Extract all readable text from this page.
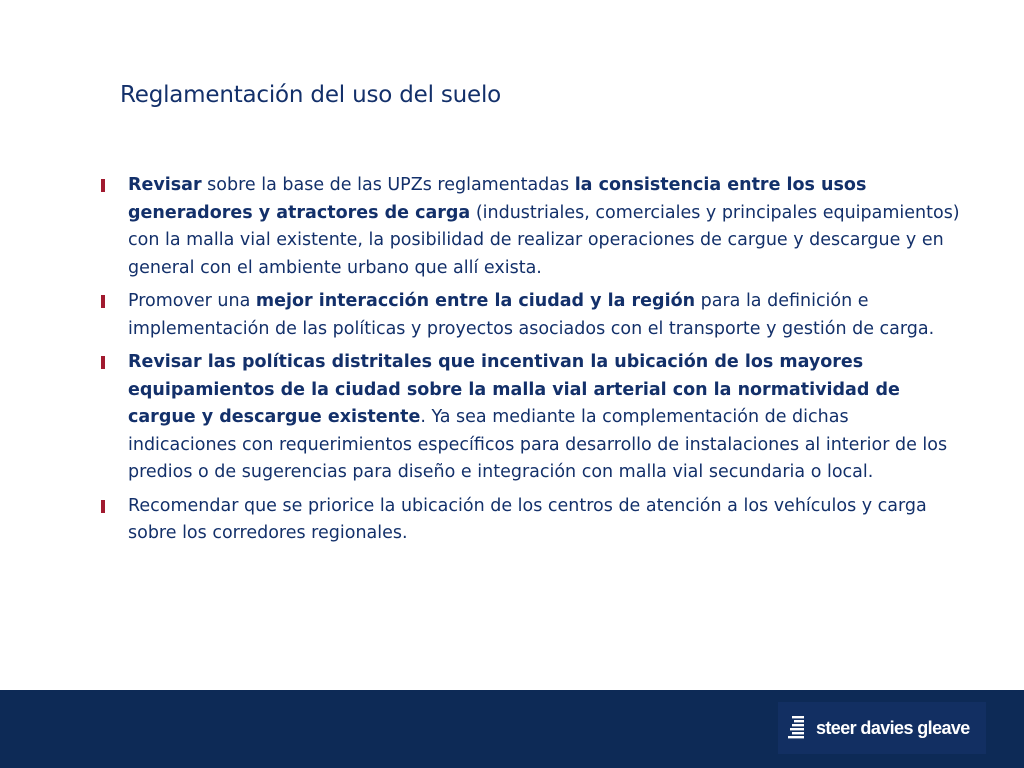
Reglamentación del uso del suelo
Revisar sobre la base de las UPZs reglamentadas la consistencia entre los usos generadores y atractores de carga (industriales, comerciales y principales equipamientos) con la malla vial existente, la posibilidad de realizar operaciones de cargue y descargue y en general con el ambiente urbano que allí exista.
Promover una mejor interacción entre la ciudad y la región para la definición e implementación de las políticas y proyectos asociados con el transporte y gestión de carga.
Revisar las políticas distritales que incentivan la ubicación de los mayores equipamientos de la ciudad sobre la malla vial arterial con la normatividad de cargue y descargue existente. Ya sea mediante la complementación de dichas indicaciones con requerimientos específicos para desarrollo de instalaciones al interior de los predios o de sugerencias para diseño e integración con malla vial secundaria o local.
Recomendar que se priorice la ubicación de los centros de atención a los vehículos y carga sobre los corredores regionales.
steer davies gleave
